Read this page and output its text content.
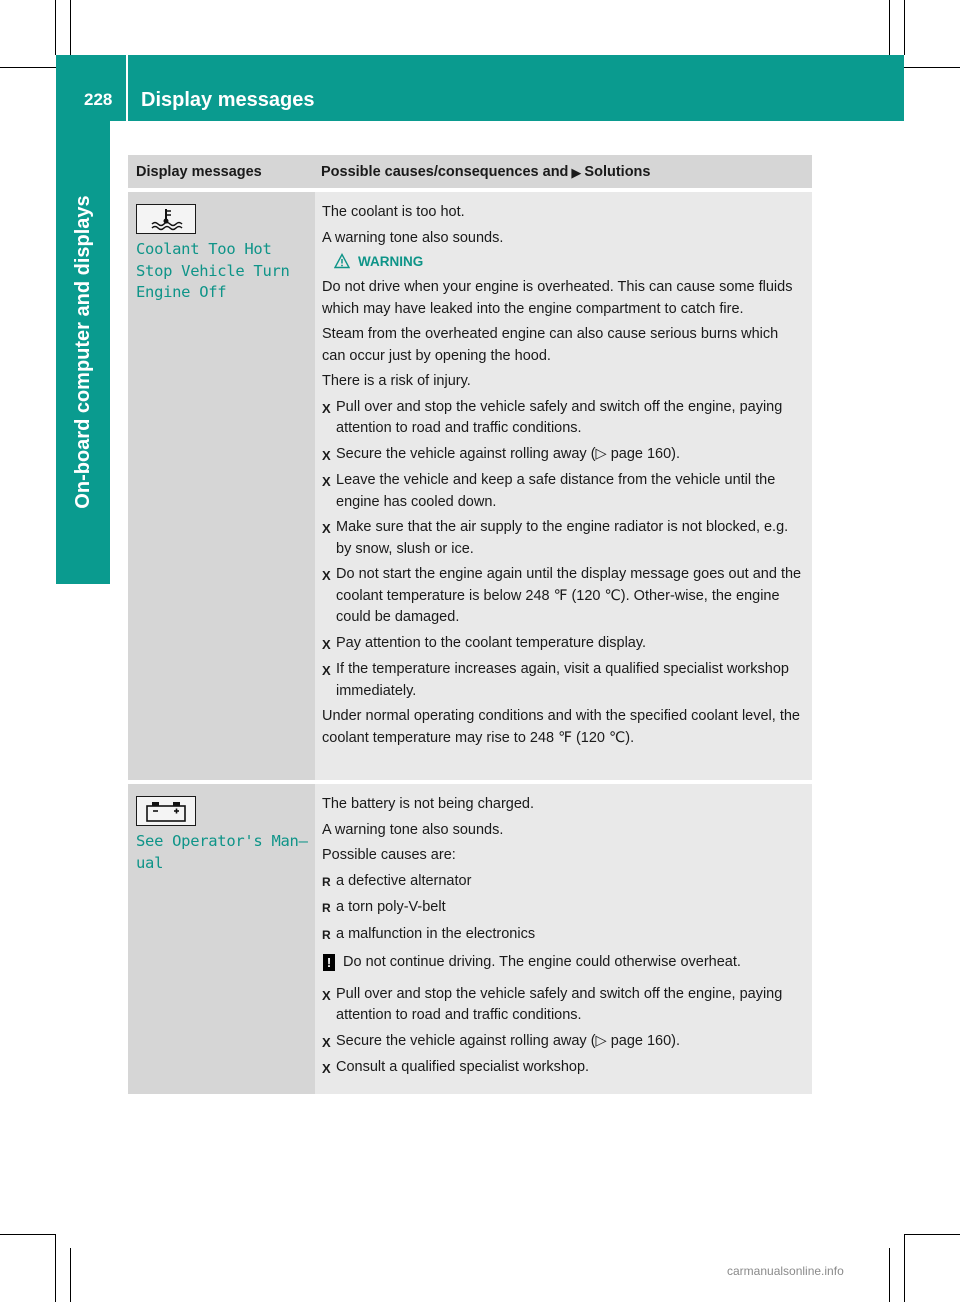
228 Display messages
On-board computer and displays
Display messages	Possible causes/consequences and ▶ Solutions
Coolant Too Hot
Stop Vehicle Turn
Engine Off

The coolant is too hot.

A warning tone also sounds.

WARNING

Do not drive when your engine is overheated. This can cause some fluids which may have leaked into the engine compartment to catch fire.

Steam from the overheated engine can also cause serious burns which can occur just by opening the hood.

There is a risk of injury.

X Pull over and stop the vehicle safely and switch off the engine, paying attention to road and traffic conditions.
X Secure the vehicle against rolling away (▷ page 160).
X Leave the vehicle and keep a safe distance from the vehicle until the engine has cooled down.
X Make sure that the air supply to the engine radiator is not blocked, e.g. by snow, slush or ice.
X Do not start the engine again until the display message goes out and the coolant temperature is below 248 ℉ (120 ℃). Other-wise, the engine could be damaged.
X Pay attention to the coolant temperature display.
X If the temperature increases again, visit a qualified specialist workshop immediately.

Under normal operating conditions and with the specified coolant level, the coolant temperature may rise to 248 ℉ (120 ℃).

See Operator's Man–
ual

The battery is not being charged.

A warning tone also sounds.

Possible causes are:

R a defective alternator
R a torn poly-V-belt
R a malfunction in the electronics
! Do not continue driving. The engine could otherwise overheat.
X Pull over and stop the vehicle safely and switch off the engine, paying attention to road and traffic conditions.
X Secure the vehicle against rolling away (▷ page 160).
X Consult a qualified specialist workshop.
carmanualsonline.info
